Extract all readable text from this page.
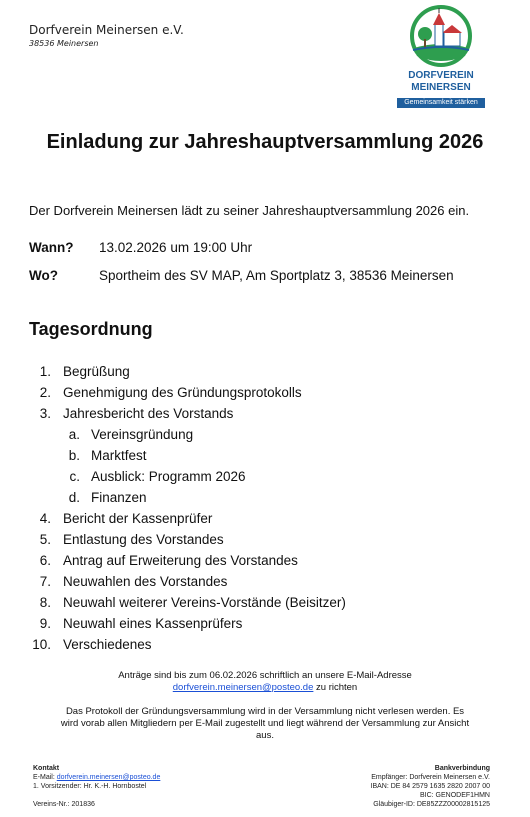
Dorfverein Meinersen e.V.
38536 Meinersen
DORFVEREIN
MEINERSEN
Gemeinsamkeit stärken
Einladung zur Jahreshauptversammlung 2026
Der Dorfverein Meinersen lädt zu seiner Jahreshauptversammlung 2026 ein.
Wann? 13.02.2026 um 19:00 Uhr
Wo?	Sportheim des SV MAP, Am Sportplatz 3, 38536 Meinersen
Tagesordnung
1. Begrüßung
2. Genehmigung des Gründungsprotokolls
3. Jahresbericht des Vorstands
a. Vereinsgründung
b. Marktfest
c. Ausblick: Programm 2026
d. Finanzen
4. Bericht der Kassenprüfer
5. Entlastung des Vorstandes
6. Antrag auf Erweiterung des Vorstandes
7. Neuwahlen des Vorstandes
8. Neuwahl weiterer Vereins-Vorstände (Beisitzer)
9. Neuwahl eines Kassenprüfers
10. Verschiedenes
Anträge sind bis zum 06.02.2026 schriftlich an unsere E-Mail-Adresse
dorfverein.meinersen@posteo.de zu richten
Das Protokoll der Gründungsversammlung wird in der Versammlung nicht verlesen werden. Es
wird vorab allen Mitgliedern per E-Mail zugestellt und liegt während der Versammlung zur Ansicht
aus.
Kontakt
E-Mail: dorfverein.meinersen@posteo.de
1. Vorsitzender: Hr. K.-H. Hornbostel
Vereins-Nr.: 201836
Bankverbindung
Empfänger: Dorfverein Meinersen e.V.
IBAN: DE 84 2579 1635 2820 2007 00
BIC: GENODEF1HMN
Gläubiger-ID: DE85ZZZ00002815125
